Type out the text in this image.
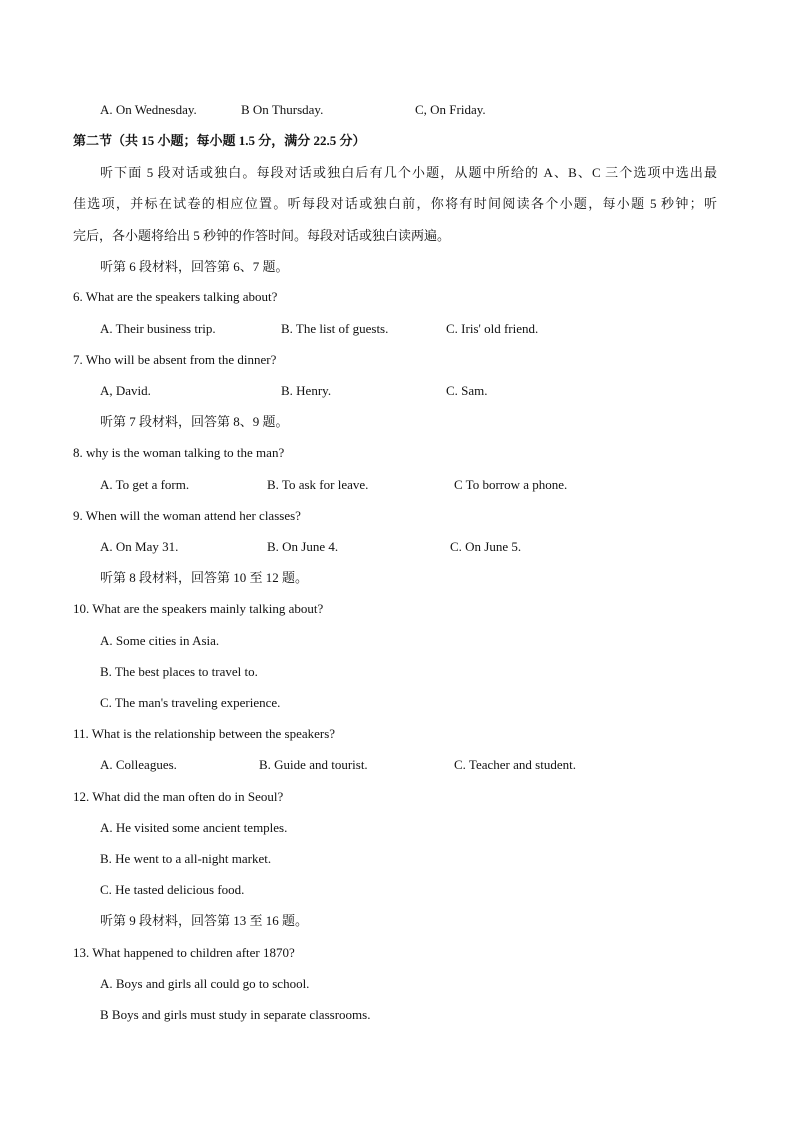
A. On Wednesday.	B On Thursday.	C, On Friday.
第二节（共 15 小题；每小题 1.5 分，满分 22.5 分）
听下面 5 段对话或独白。每段对话或独白后有几个小题，从题中所给的 A、B、C 三个选项中选出最
佳选项，并标在试卷的相应位置。听每段对话或独白前，你将有时间阅读各个小题，每小题 5 秒钟；听
完后，各小题将给出 5 秒钟的作答时间。每段对话或独白读两遍。
听第 6 段材料，回答第 6、7 题。
6. What are the speakers talking about?
A. Their business trip.	B. The list of guests.	C. Iris' old friend.
7. Who will be absent from the dinner?
A, David.	B. Henry.	C. Sam.
听第 7 段材料，回答第 8、9 题。
8. why is the woman talking to the man?
A. To get a form.	B. To ask for leave.	C To borrow a phone.
9. When will the woman attend her classes?
A. On May 31.	B. On June 4.	C. On June 5.
听第 8 段材料，回答第 10 至 12 题。
10. What are the speakers mainly talking about?
A. Some cities in Asia.
B. The best places to travel to.
C. The man's traveling experience.
11. What is the relationship between the speakers?
A. Colleagues.	B. Guide and tourist.	C. Teacher and student.
12. What did the man often do in Seoul?
A. He visited some ancient temples.
B. He went to a all-night market.
C. He tasted delicious food.
听第 9 段材料，回答第 13 至 16 题。
13. What happened to children after 1870?
A. Boys and girls all could go to school.
B Boys and girls must study in separate classrooms.
